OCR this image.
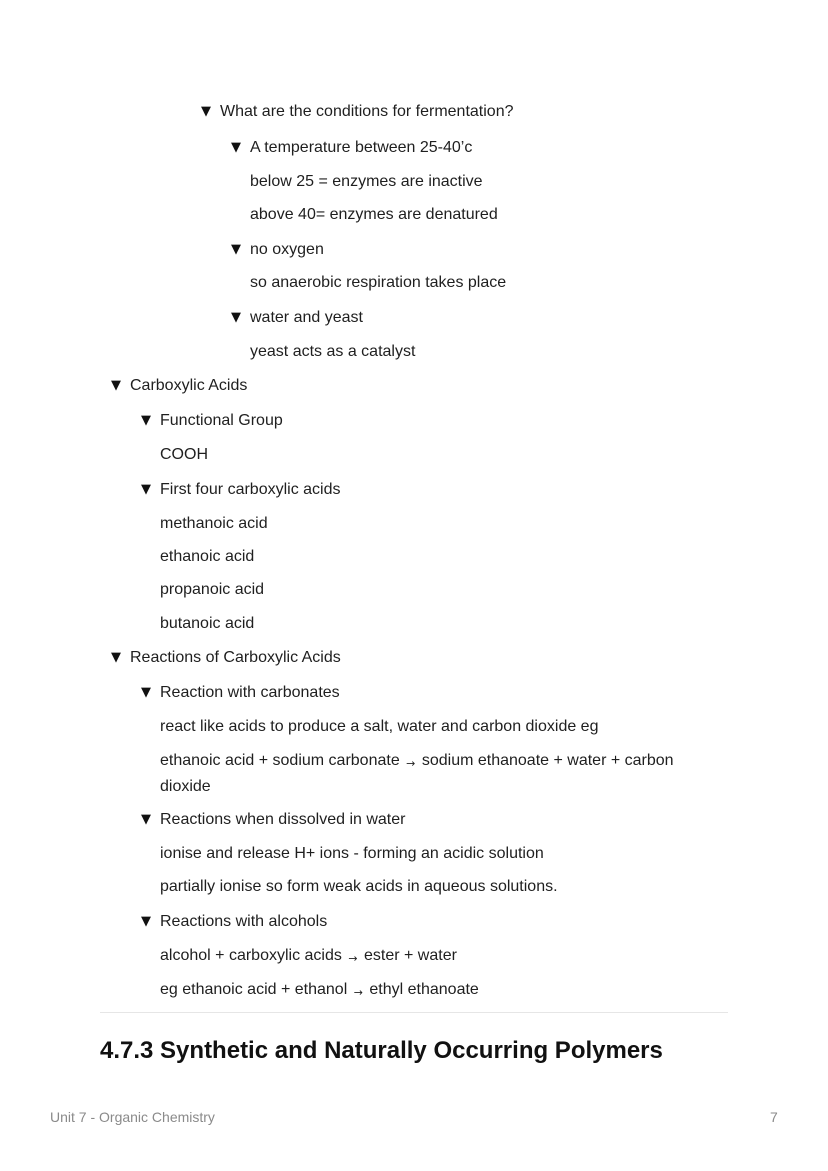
▼ What are the conditions for fermentation?
▼ A temperature between 25-40’c
below 25 = enzymes are inactive
above 40= enzymes are denatured
▼ no oxygen
so anaerobic respiration takes place
▼ water and yeast
yeast acts as a catalyst
▼ Carboxylic Acids
▼ Functional Group
COOH
▼ First four carboxylic acids
methanoic acid
ethanoic acid
propanoic acid
butanoic acid
▼ Reactions of Carboxylic Acids
▼ Reaction with carbonates
react like acids to produce a salt, water and carbon dioxide eg
ethanoic acid + sodium carbonate → sodium ethanoate + water + carbon dioxide
▼ Reactions when dissolved in water
ionise and release H+ ions - forming an acidic solution
partially ionise so form weak acids in aqueous solutions.
▼ Reactions with alcohols
alcohol + carboxylic acids → ester + water
eg ethanoic acid + ethanol → ethyl ethanoate
4.7.3 Synthetic and Naturally Occurring Polymers
Unit 7 - Organic Chemistry	7
